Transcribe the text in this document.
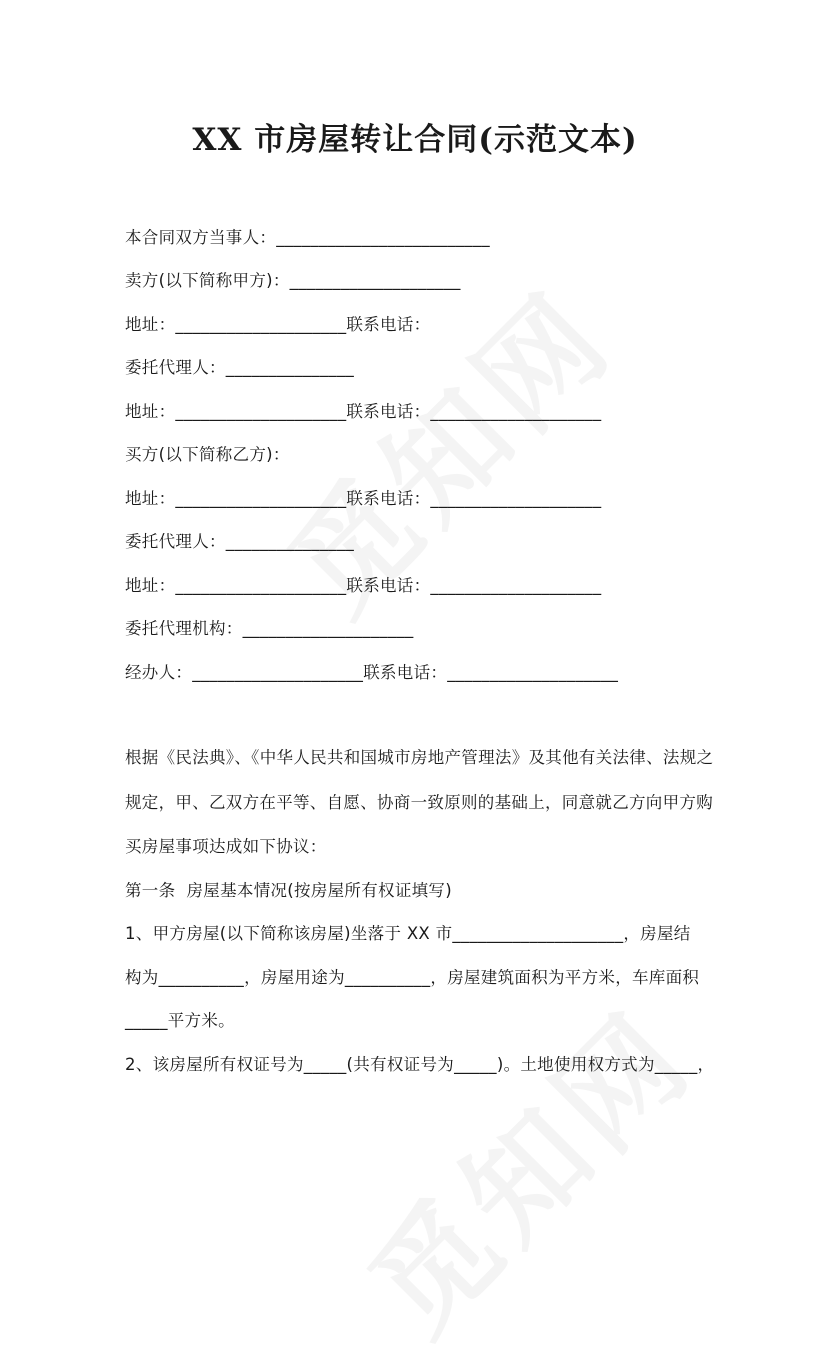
XX 市房屋转让合同(示范文本)
本合同双方当事人：_________________________
卖方(以下简称甲方)：____________________
地址：____________________联系电话：
委托代理人：_______________
地址：____________________联系电话：____________________
买方(以下简称乙方)：
地址：____________________联系电话：____________________
委托代理人：_______________
地址：____________________联系电话：____________________
委托代理机构：____________________
经办人：____________________联系电话：____________________
根据《民法典》、《中华人民共和国城市房地产管理法》及其他有关法律、法规之
规定，甲、乙双方在平等、自愿、协商一致原则的基础上，同意就乙方向甲方购
买房屋事项达成如下协议：
第一条  房屋基本情况(按房屋所有权证填写)
1、甲方房屋(以下简称该房屋)坐落于 XX 市____________________，房屋结
构为__________，房屋用途为__________，房屋建筑面积为平方米，车库面积
_____平方米。
2、该房屋所有权证号为_____(共有权证号为_____)。土地使用权方式为_____，
